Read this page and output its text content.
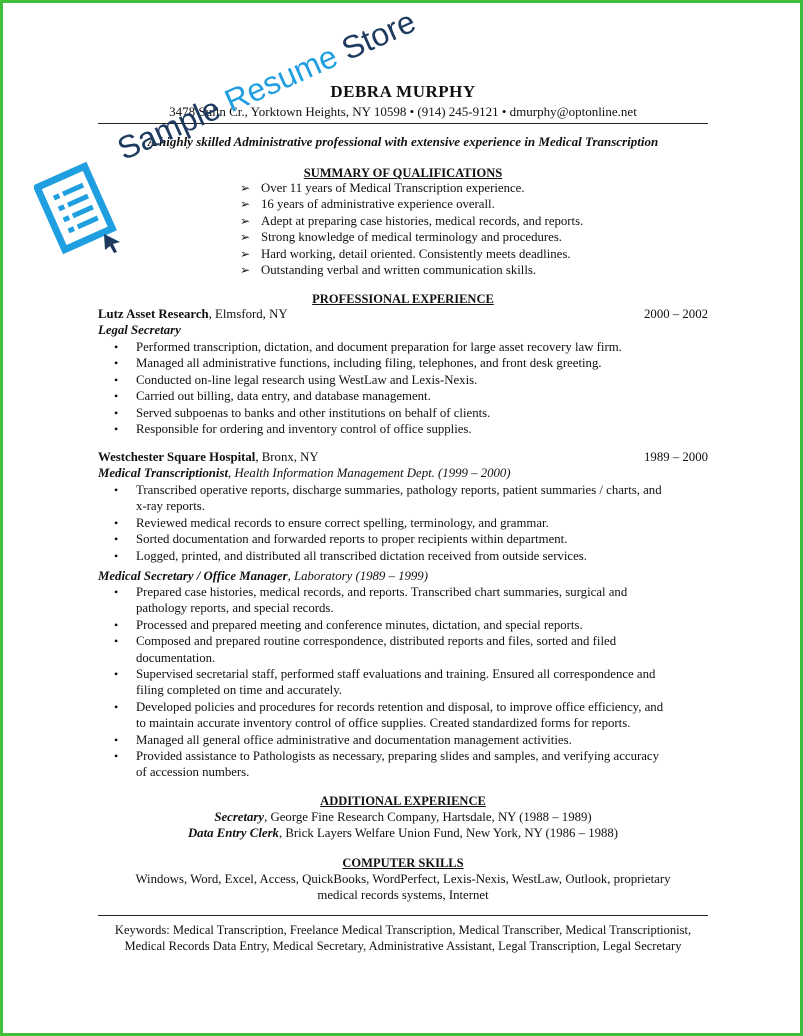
DEBRA MURPHY
3478 Sulin Cr., Yorktown Heights, NY 10598 • (914) 245-9121 • dmurphy@optonline.net
A highly skilled Administrative professional with extensive experience in Medical Transcription
SUMMARY OF QUALIFICATIONS
➢ Over 11 years of Medical Transcription experience.
➢ 16 years of administrative experience overall.
➢ Adept at preparing case histories, medical records, and reports.
➢ Strong knowledge of medical terminology and procedures.
➢ Hard working, detail oriented. Consistently meets deadlines.
➢ Outstanding verbal and written communication skills.
PROFESSIONAL EXPERIENCE
Lutz Asset Research, Elmsford, NY	2000 – 2002
Legal Secretary
• Performed transcription, dictation, and document preparation for large asset recovery law firm.
• Managed all administrative functions, including filing, telephones, and front desk greeting.
• Conducted on-line legal research using WestLaw and Lexis-Nexis.
• Carried out billing, data entry, and database management.
• Served subpoenas to banks and other institutions on behalf of clients.
• Responsible for ordering and inventory control of office supplies.
Westchester Square Hospital, Bronx, NY	1989 – 2000
Medical Transcriptionist, Health Information Management Dept. (1999 – 2000)
• Transcribed operative reports, discharge summaries, pathology reports, patient summaries / charts, and
x-ray reports.
• Reviewed medical records to ensure correct spelling, terminology, and grammar.
• Sorted documentation and forwarded reports to proper recipients within department.
• Logged, printed, and distributed all transcribed dictation received from outside services.
Medical Secretary / Office Manager, Laboratory (1989 – 1999)
• Prepared case histories, medical records, and reports. Transcribed chart summaries, surgical and
pathology reports, and special records.
• Processed and prepared meeting and conference minutes, dictation, and special reports.
• Composed and prepared routine correspondence, distributed reports and files, sorted and filed
documentation.
• Supervised secretarial staff, performed staff evaluations and training. Ensured all correspondence and
filing completed on time and accurately.
• Developed policies and procedures for records retention and disposal, to improve office efficiency, and
to maintain accurate inventory control of office supplies. Created standardized forms for reports.
• Managed all general office administrative and documentation management activities.
• Provided assistance to Pathologists as necessary, preparing slides and samples, and verifying accuracy
of accession numbers.
ADDITIONAL EXPERIENCE
Secretary, George Fine Research Company, Hartsdale, NY (1988 – 1989)
Data Entry Clerk, Brick Layers Welfare Union Fund, New York, NY (1986 – 1988)
COMPUTER SKILLS
Windows, Word, Excel, Access, QuickBooks, WordPerfect, Lexis-Nexis, WestLaw, Outlook, proprietary
medical records systems, Internet
Keywords: Medical Transcription, Freelance Medical Transcription, Medical Transcriber, Medical Transcriptionist,
Medical Records Data Entry, Medical Secretary, Administrative Assistant, Legal Transcription, Legal Secretary
Sample Resume Store
